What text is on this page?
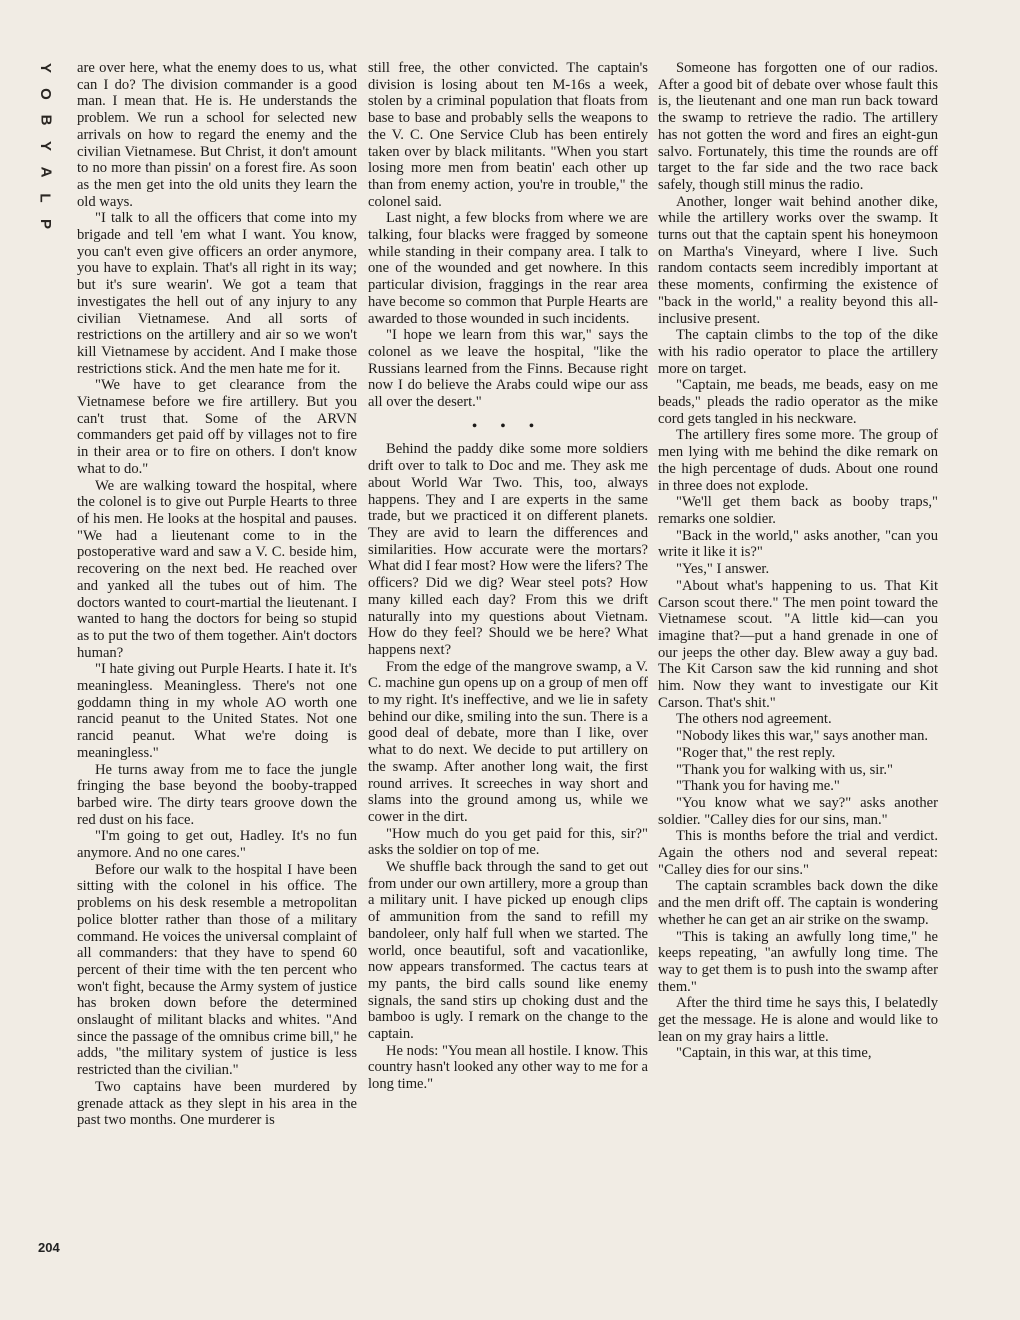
Y
O
B
Y
A
L
P

are over here, what the enemy does to us, what can I do? The division commander is a good man. I mean that. He is. He understands the problem. We run a school for selected new arrivals on how to regard the enemy and the civilian Vietnamese. But Christ, it don't amount to no more than pissin' on a forest fire. As soon as the men get into the old units they learn the old ways.

"I talk to all the officers that come into my brigade and tell 'em what I want. You know, you can't even give officers an order anymore, you have to explain. That's all right in its way; but it's sure wearin'. We got a team that investigates the hell out of any injury to any civilian Vietnamese. And all sorts of restrictions on the artillery and air so we won't kill Vietnamese by accident. And I make those restrictions stick. And the men hate me for it.

"We have to get clearance from the Vietnamese before we fire artillery. But you can't trust that. Some of the ARVN commanders get paid off by villages not to fire in their area or to fire on others. I don't know what to do."

We are walking toward the hospital, where the colonel is to give out Purple Hearts to three of his men. He looks at the hospital and pauses. "We had a lieutenant come to in the postoperative ward and saw a V. C. beside him, recovering on the next bed. He reached over and yanked all the tubes out of him. The doctors wanted to court-martial the lieutenant. I wanted to hang the doctors for being so stupid as to put the two of them together. Ain't doctors human?

"I hate giving out Purple Hearts. I hate it. It's meaningless. Meaningless. There's not one goddamn thing in my whole AO worth one rancid peanut to the United States. Not one rancid peanut. What we're doing is meaningless."

He turns away from me to face the jungle fringing the base beyond the booby-trapped barbed wire. The dirty tears groove down the red dust on his face.

"I'm going to get out, Hadley. It's no fun anymore. And no one cares."

Before our walk to the hospital I have been sitting with the colonel in his office. The problems on his desk resemble a metropolitan police blotter rather than those of a military command. He voices the universal complaint of all commanders: that they have to spend 60 percent of their time with the ten percent who won't fight, because the Army system of justice has broken down before the determined onslaught of militant blacks and whites. "And since the passage of the omnibus crime bill," he adds, "the military system of justice is less restricted than the civilian."

Two captains have been murdered by grenade attack as they slept in his area in the past two months. One murderer is

still free, the other convicted. The captain's division is losing about ten M-16s a week, stolen by a criminal population that floats from base to base and probably sells the weapons to the V. C. One Service Club has been entirely taken over by black militants. "When you start losing more men from beatin' each other up than from enemy action, you're in trouble," the colonel said.

Last night, a few blocks from where we are talking, four blacks were fragged by someone while standing in their company area. I talk to one of the wounded and get nowhere. In this particular division, fraggings in the rear area have become so common that Purple Hearts are awarded to those wounded in such incidents.

"I hope we learn from this war," says the colonel as we leave the hospital, "like the Russians learned from the Finns. Because right now I do believe the Arabs could wipe our ass all over the desert."

• • •

Behind the paddy dike some more soldiers drift over to talk to Doc and me. They ask me about World War Two. This, too, always happens. They and I are experts in the same trade, but we practiced it on different planets. They are avid to learn the differences and similarities. How accurate were the mortars? What did I fear most? How were the lifers? The officers? Did we dig? Wear steel pots? How many killed each day? From this we drift naturally into my questions about Vietnam. How do they feel? Should we be here? What happens next?

From the edge of the mangrove swamp, a V. C. machine gun opens up on a group of men off to my right. It's ineffective, and we lie in safety behind our dike, smiling into the sun. There is a good deal of debate, more than I like, over what to do next. We decide to put artillery on the swamp. After another long wait, the first round arrives. It screeches in way short and slams into the ground among us, while we cower in the dirt.

"How much do you get paid for this, sir?" asks the soldier on top of me.

We shuffle back through the sand to get out from under our own artillery, more a group than a military unit. I have picked up enough clips of ammunition from the sand to refill my bandoleer, only half full when we started. The world, once beautiful, soft and vacationlike, now appears transformed. The cactus tears at my pants, the bird calls sound like enemy signals, the sand stirs up choking dust and the bamboo is ugly. I remark on the change to the captain.

He nods: "You mean all hostile. I know. This country hasn't looked any other way to me for a long time."

Someone has forgotten one of our radios. After a good bit of debate over whose fault this is, the lieutenant and one man run back toward the swamp to retrieve the radio. The artillery has not gotten the word and fires an eight-gun salvo. Fortunately, this time the rounds are off target to the far side and the two race back safely, though still minus the radio.

Another, longer wait behind another dike, while the artillery works over the swamp. It turns out that the captain spent his honeymoon on Martha's Vineyard, where I live. Such random contacts seem incredibly important at these moments, confirming the existence of "back in the world," a reality beyond this all-inclusive present.

The captain climbs to the top of the dike with his radio operator to place the artillery more on target.

"Captain, me beads, me beads, easy on me beads," pleads the radio operator as the mike cord gets tangled in his neckware.

The artillery fires some more. The group of men lying with me behind the dike remark on the high percentage of duds. About one round in three does not explode.

"We'll get them back as booby traps," remarks one soldier.

"Back in the world," asks another, "can you write it like it is?"

"Yes," I answer.

"About what's happening to us. That Kit Carson scout there." The men point toward the Vietnamese scout. "A little kid—can you imagine that?—put a hand grenade in one of our jeeps the other day. Blew away a guy bad. The Kit Carson saw the kid running and shot him. Now they want to investigate our Kit Carson. That's shit."

The others nod agreement.

"Nobody likes this war," says another man.

"Roger that," the rest reply.

"Thank you for walking with us, sir."

"Thank you for having me."

"You know what we say?" asks another soldier. "Calley dies for our sins, man."

This is months before the trial and verdict. Again the others nod and several repeat: "Calley dies for our sins."

The captain scrambles back down the dike and the men drift off. The captain is wondering whether he can get an air strike on the swamp.

"This is taking an awfully long time," he keeps repeating, "an awfully long time. The way to get them is to push into the swamp after them."

After the third time he says this, I belatedly get the message. He is alone and would like to lean on my gray hairs a little.

"Captain, in this war, at this time,

204
